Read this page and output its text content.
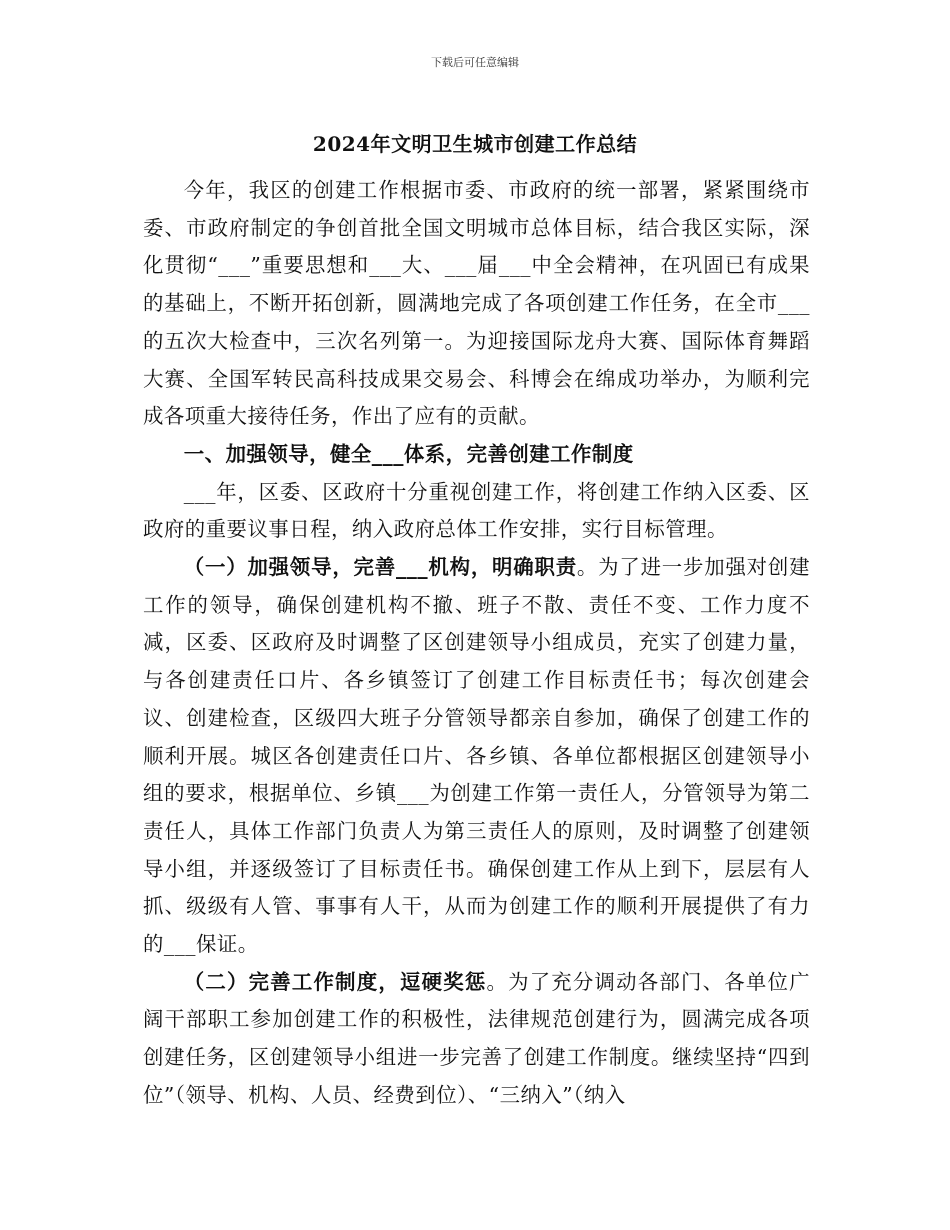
下载后可任意编辑
2024年文明卫生城市创建工作总结

今年，我区的创建工作根据市委、市政府的统一部署，紧紧围绕市委、市政府制定的争创首批全国文明城市总体目标，结合我区实际，深化贯彻“___”重要思想和___大、___届___中全会精神，在巩固已有成果的基础上，不断开拓创新，圆满地完成了各项创建工作任务，在全市___的五次大检查中，三次名列第一。为迎接国际龙舟大赛、国际体育舞蹈大赛、全国军转民高科技成果交易会、科博会在绵成功举办，为顺利完成各项重大接待任务，作出了应有的贡献。

一、加强领导，健全___体系，完善创建工作制度

___年，区委、区政府十分重视创建工作，将创建工作纳入区委、区政府的重要议事日程，纳入政府总体工作安排，实行目标管理。

（一）加强领导，完善___机构，明确职责。为了进一步加强对创建工作的领导，确保创建机构不撤、班子不散、责任不变、工作力度不减，区委、区政府及时调整了区创建领导小组成员，充实了创建力量，与各创建责任口片、各乡镇签订了创建工作目标责任书；每次创建会议、创建检查，区级四大班子分管领导都亲自参加，确保了创建工作的顺利开展。城区各创建责任口片、各乡镇、各单位都根据区创建领导小组的要求，根据单位、乡镇___为创建工作第一责任人，分管领导为第二责任人，具体工作部门负责人为第三责任人的原则，及时调整了创建领导小组，并逐级签订了目标责任书。确保创建工作从上到下，层层有人抓、级级有人管、事事有人干，从而为创建工作的顺利开展提供了有力的___保证。

（二）完善工作制度，逗硬奖惩。为了充分调动各部门、各单位广阔干部职工参加创建工作的积极性，法律规范创建行为，圆满完成各项创建任务，区创建领导小组进一步完善了创建工作制度。继续坚持“四到位”（领导、机构、人员、经费到位）、“三纳入”（纳入
